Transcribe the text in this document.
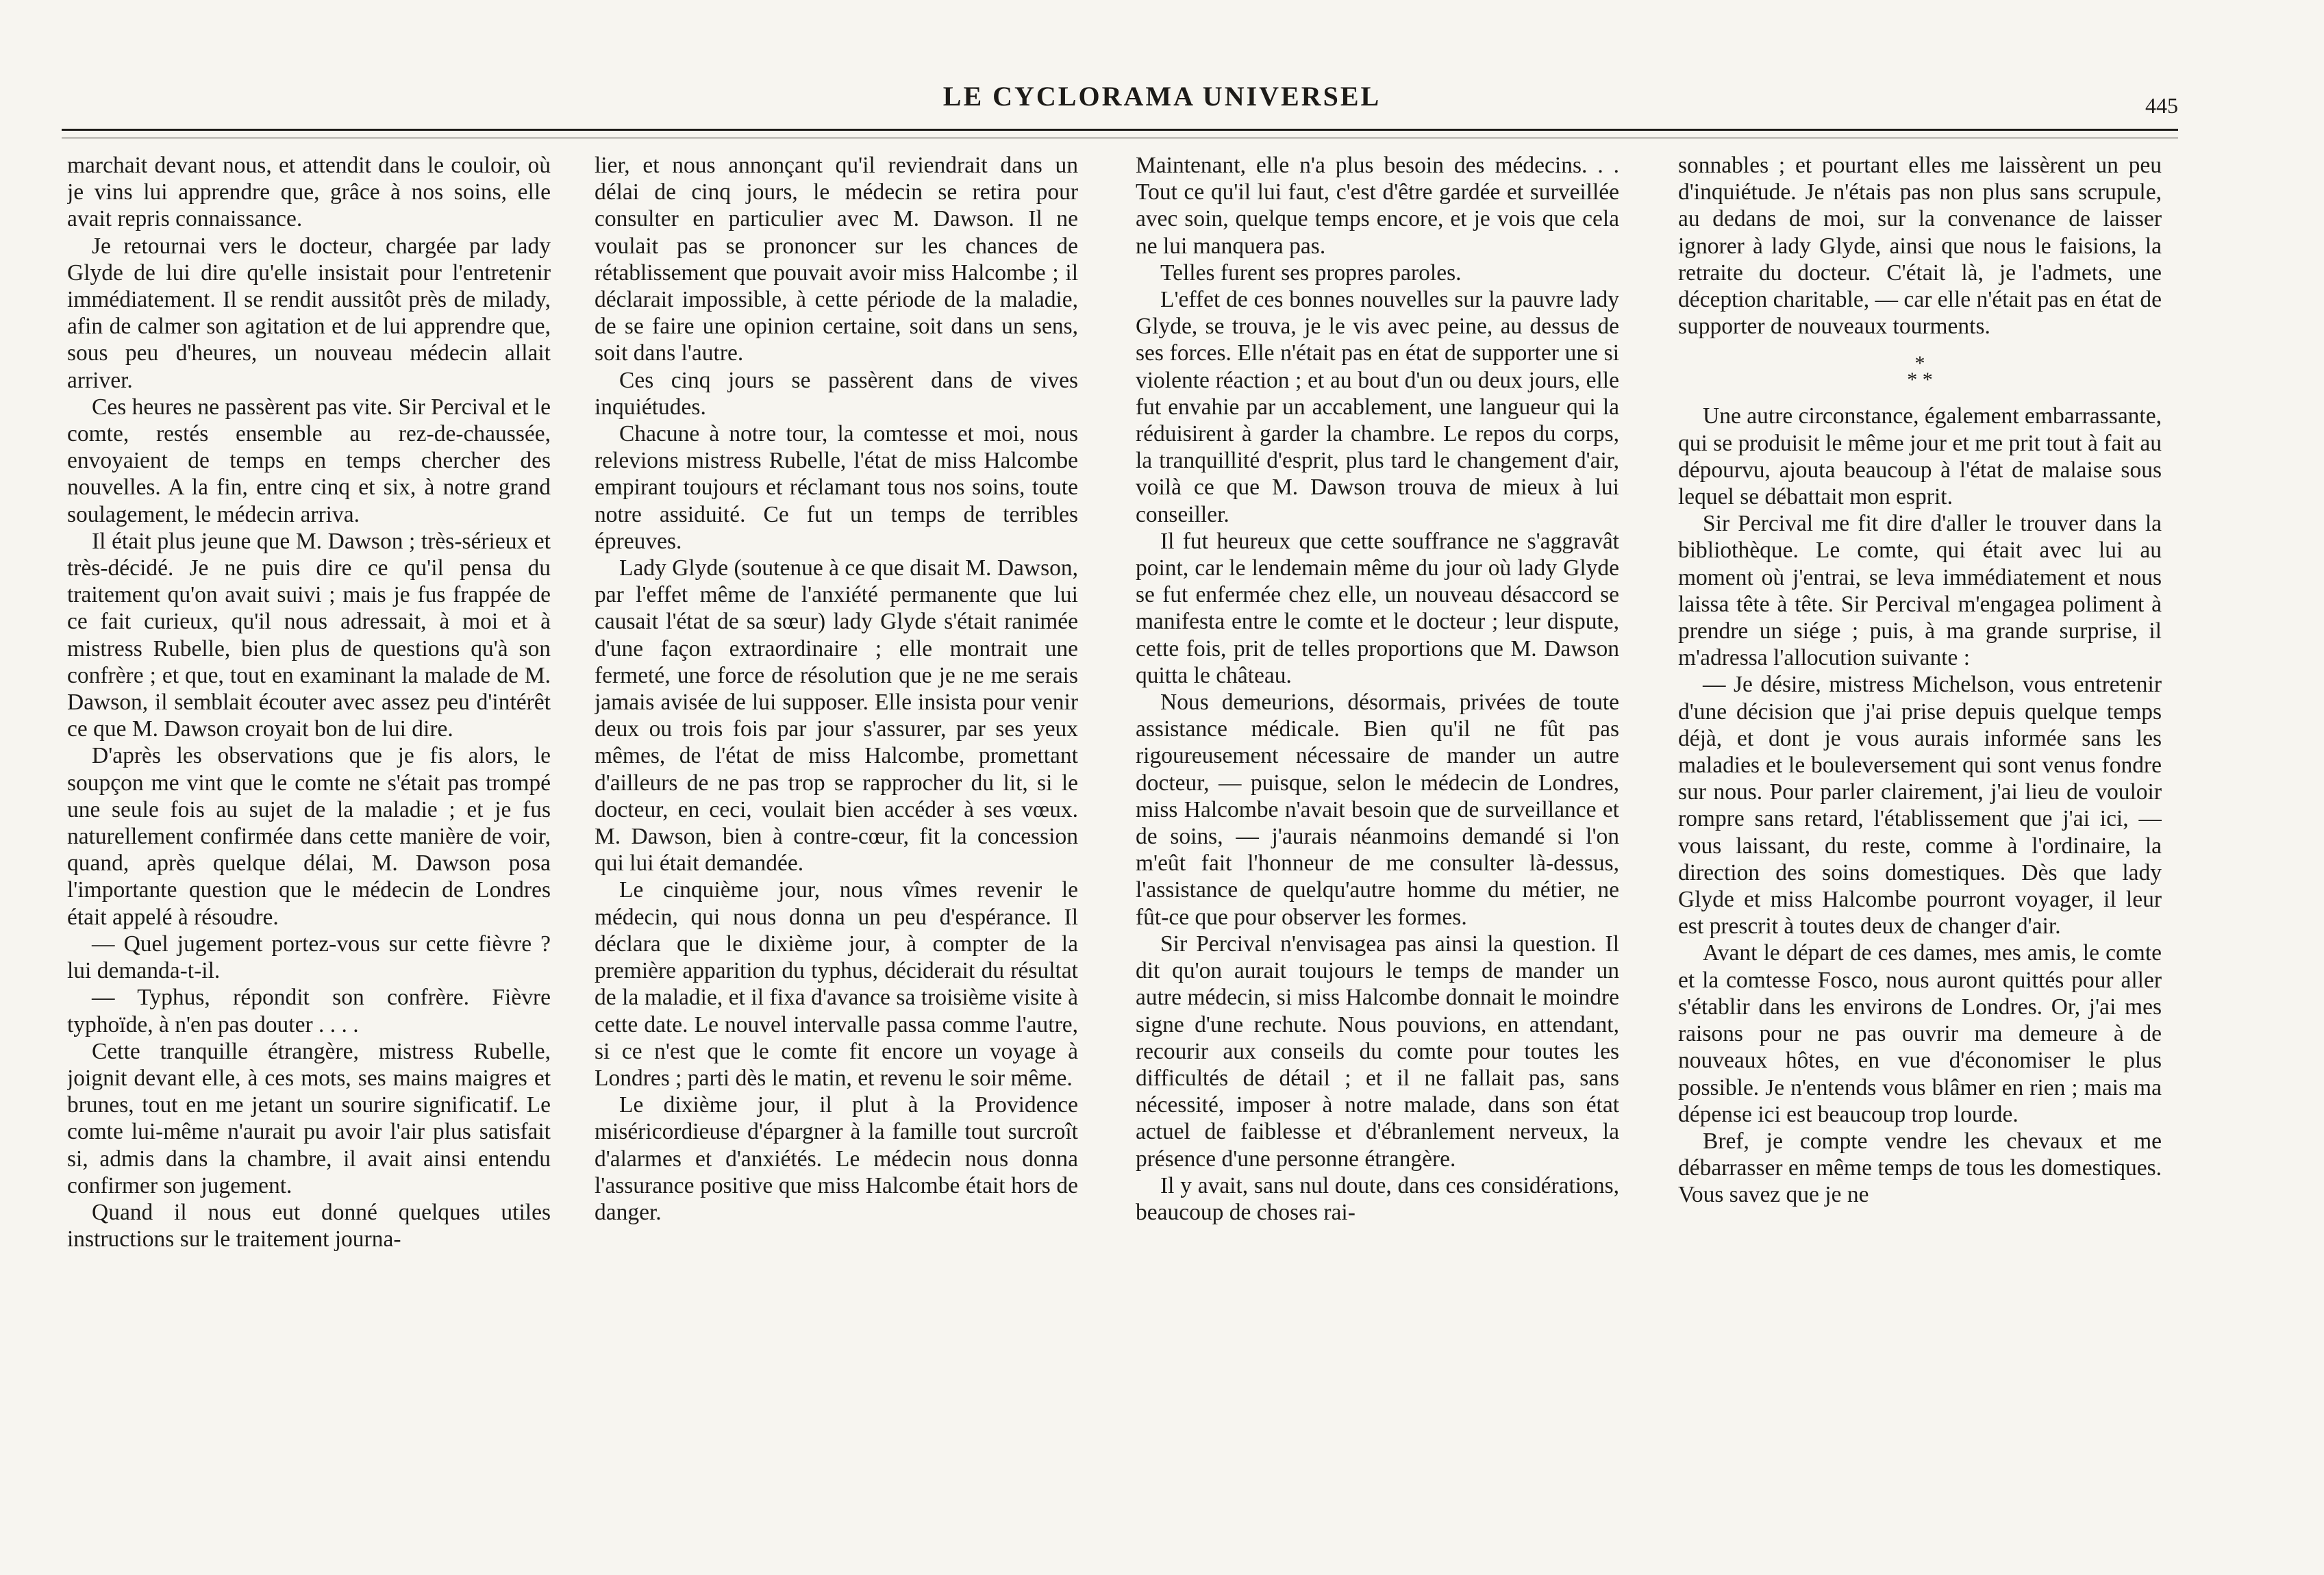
LE CYCLORAMA UNIVERSEL	445

marchait devant nous, et attendit dans le couloir, où je vins lui apprendre que, grâce à nos soins, elle avait repris connaissance.

Je retournai vers le docteur, chargée par lady Glyde de lui dire qu'elle insistait pour l'entretenir immédiatement. Il se rendit aussitôt près de milady, afin de calmer son agitation et de lui apprendre que, sous peu d'heures, un nouveau médecin allait arriver.

Ces heures ne passèrent pas vite. Sir Percival et le comte, restés ensemble au rez-de-chaussée, envoyaient de temps en temps chercher des nouvelles. A la fin, entre cinq et six, à notre grand soulagement, le médecin arriva.

Il était plus jeune que M. Dawson ; très-sérieux et très-décidé. Je ne puis dire ce qu'il pensa du traitement qu'on avait suivi ; mais je fus frappée de ce fait curieux, qu'il nous adressait, à moi et à mistress Rubelle, bien plus de questions qu'à son confrère ; et que, tout en examinant la malade de M. Dawson, il semblait écouter avec assez peu d'intérêt ce que M. Dawson croyait bon de lui dire.

D'après les observations que je fis alors, le soupçon me vint que le comte ne s'était pas trompé une seule fois au sujet de la maladie ; et je fus naturellement confirmée dans cette manière de voir, quand, après quelque délai, M. Dawson posa l'importante question que le médecin de Londres était appelé à résoudre.

— Quel jugement portez-vous sur cette fièvre ? lui demanda-t-il.

— Typhus, répondit son confrère. Fièvre typhoïde, à n'en pas douter . . . .

Cette tranquille étrangère, mistress Rubelle, joignit devant elle, à ces mots, ses mains maigres et brunes, tout en me jetant un sourire significatif. Le comte lui-même n'aurait pu avoir l'air plus satisfait si, admis dans la chambre, il avait ainsi entendu confirmer son jugement.

Quand il nous eut donné quelques utiles instructions sur le traitement journa-

lier, et nous annonçant qu'il reviendrait dans un délai de cinq jours, le médecin se retira pour consulter en particulier avec M. Dawson. Il ne voulait pas se prononcer sur les chances de rétablissement que pouvait avoir miss Halcombe ; il déclarait impossible, à cette période de la maladie, de se faire une opinion certaine, soit dans un sens, soit dans l'autre.

Ces cinq jours se passèrent dans de vives inquiétudes.

Chacune à notre tour, la comtesse et moi, nous relevions mistress Rubelle, l'état de miss Halcombe empirant toujours et réclamant tous nos soins, toute notre assiduité. Ce fut un temps de terribles épreuves.

Lady Glyde (soutenue à ce que disait M. Dawson, par l'effet même de l'anxiété permanente que lui causait l'état de sa sœur) lady Glyde s'était ranimée d'une façon extraordinaire ; elle montrait une fermeté, une force de résolution que je ne me serais jamais avisée de lui supposer. Elle insista pour venir deux ou trois fois par jour s'assurer, par ses yeux mêmes, de l'état de miss Halcombe, promettant d'ailleurs de ne pas trop se rapprocher du lit, si le docteur, en ceci, voulait bien accéder à ses vœux. M. Dawson, bien à contre-cœur, fit la concession qui lui était demandée.

Le cinquième jour, nous vîmes revenir le médecin, qui nous donna un peu d'espérance. Il déclara que le dixième jour, à compter de la première apparition du typhus, déciderait du résultat de la maladie, et il fixa d'avance sa troisième visite à cette date. Le nouvel intervalle passa comme l'autre, si ce n'est que le comte fit encore un voyage à Londres ; parti dès le matin, et revenu le soir même.

Le dixième jour, il plut à la Providence miséricordieuse d'épargner à la famille tout surcroît d'alarmes et d'anxiétés. Le médecin nous donna l'assurance positive que miss Halcombe était hors de danger.

Maintenant, elle n'a plus besoin des médecins. . . Tout ce qu'il lui faut, c'est d'être gardée et surveillée avec soin, quelque temps encore, et je vois que cela ne lui manquera pas.

Telles furent ses propres paroles.

L'effet de ces bonnes nouvelles sur la pauvre lady Glyde, se trouva, je le vis avec peine, au dessus de ses forces. Elle n'était pas en état de supporter une si violente réaction ; et au bout d'un ou deux jours, elle fut envahie par un accablement, une langueur qui la réduisirent à garder la chambre. Le repos du corps, la tranquillité d'esprit, plus tard le changement d'air, voilà ce que M. Dawson trouva de mieux à lui conseiller.

Il fut heureux que cette souffrance ne s'aggravât point, car le lendemain même du jour où lady Glyde se fut enfermée chez elle, un nouveau désaccord se manifesta entre le comte et le docteur ; leur dispute, cette fois, prit de telles proportions que M. Dawson quitta le château.

Nous demeurions, désormais, privées de toute assistance médicale. Bien qu'il ne fût pas rigoureusement nécessaire de mander un autre docteur, — puisque, selon le médecin de Londres, miss Halcombe n'avait besoin que de surveillance et de soins, — j'aurais néanmoins demandé si l'on m'eût fait l'honneur de me consulter là-dessus, l'assistance de quelqu'autre homme du métier, ne fût-ce que pour observer les formes.

Sir Percival n'envisagea pas ainsi la question. Il dit qu'on aurait toujours le temps de mander un autre médecin, si miss Halcombe donnait le moindre signe d'une rechute. Nous pouvions, en attendant, recourir aux conseils du comte pour toutes les difficultés de détail ; et il ne fallait pas, sans nécessité, imposer à notre malade, dans son état actuel de faiblesse et d'ébranlement nerveux, la présence d'une personne étrangère.

Il y avait, sans nul doute, dans ces considérations, beaucoup de choses rai-

sonnables ; et pourtant elles me laissèrent un peu d'inquiétude. Je n'étais pas non plus sans scrupule, au dedans de moi, sur la convenance de laisser ignorer à lady Glyde, ainsi que nous le faisions, la retraite du docteur. C'était là, je l'admets, une déception charitable, — car elle n'était pas en état de supporter de nouveaux tourments.

*
* *

Une autre circonstance, également embarrassante, qui se produisit le même jour et me prit tout à fait au dépourvu, ajouta beaucoup à l'état de malaise sous lequel se débattait mon esprit.

Sir Percival me fit dire d'aller le trouver dans la bibliothèque. Le comte, qui était avec lui au moment où j'entrai, se leva immédiatement et nous laissa tête à tête. Sir Percival m'engagea poliment à prendre un siége ; puis, à ma grande surprise, il m'adressa l'allocution suivante :

— Je désire, mistress Michelson, vous entretenir d'une décision que j'ai prise depuis quelque temps déjà, et dont je vous aurais informée sans les maladies et le bouleversement qui sont venus fondre sur nous. Pour parler clairement, j'ai lieu de vouloir rompre sans retard, l'établissement que j'ai ici, — vous laissant, du reste, comme à l'ordinaire, la direction des soins domestiques. Dès que lady Glyde et miss Halcombe pourront voyager, il leur est prescrit à toutes deux de changer d'air.

Avant le départ de ces dames, mes amis, le comte et la comtesse Fosco, nous auront quittés pour aller s'établir dans les environs de Londres. Or, j'ai mes raisons pour ne pas ouvrir ma demeure à de nouveaux hôtes, en vue d'économiser le plus possible. Je n'entends vous blâmer en rien ; mais ma dépense ici est beaucoup trop lourde.

Bref, je compte vendre les chevaux et me débarrasser en même temps de tous les domestiques. Vous savez que je ne
